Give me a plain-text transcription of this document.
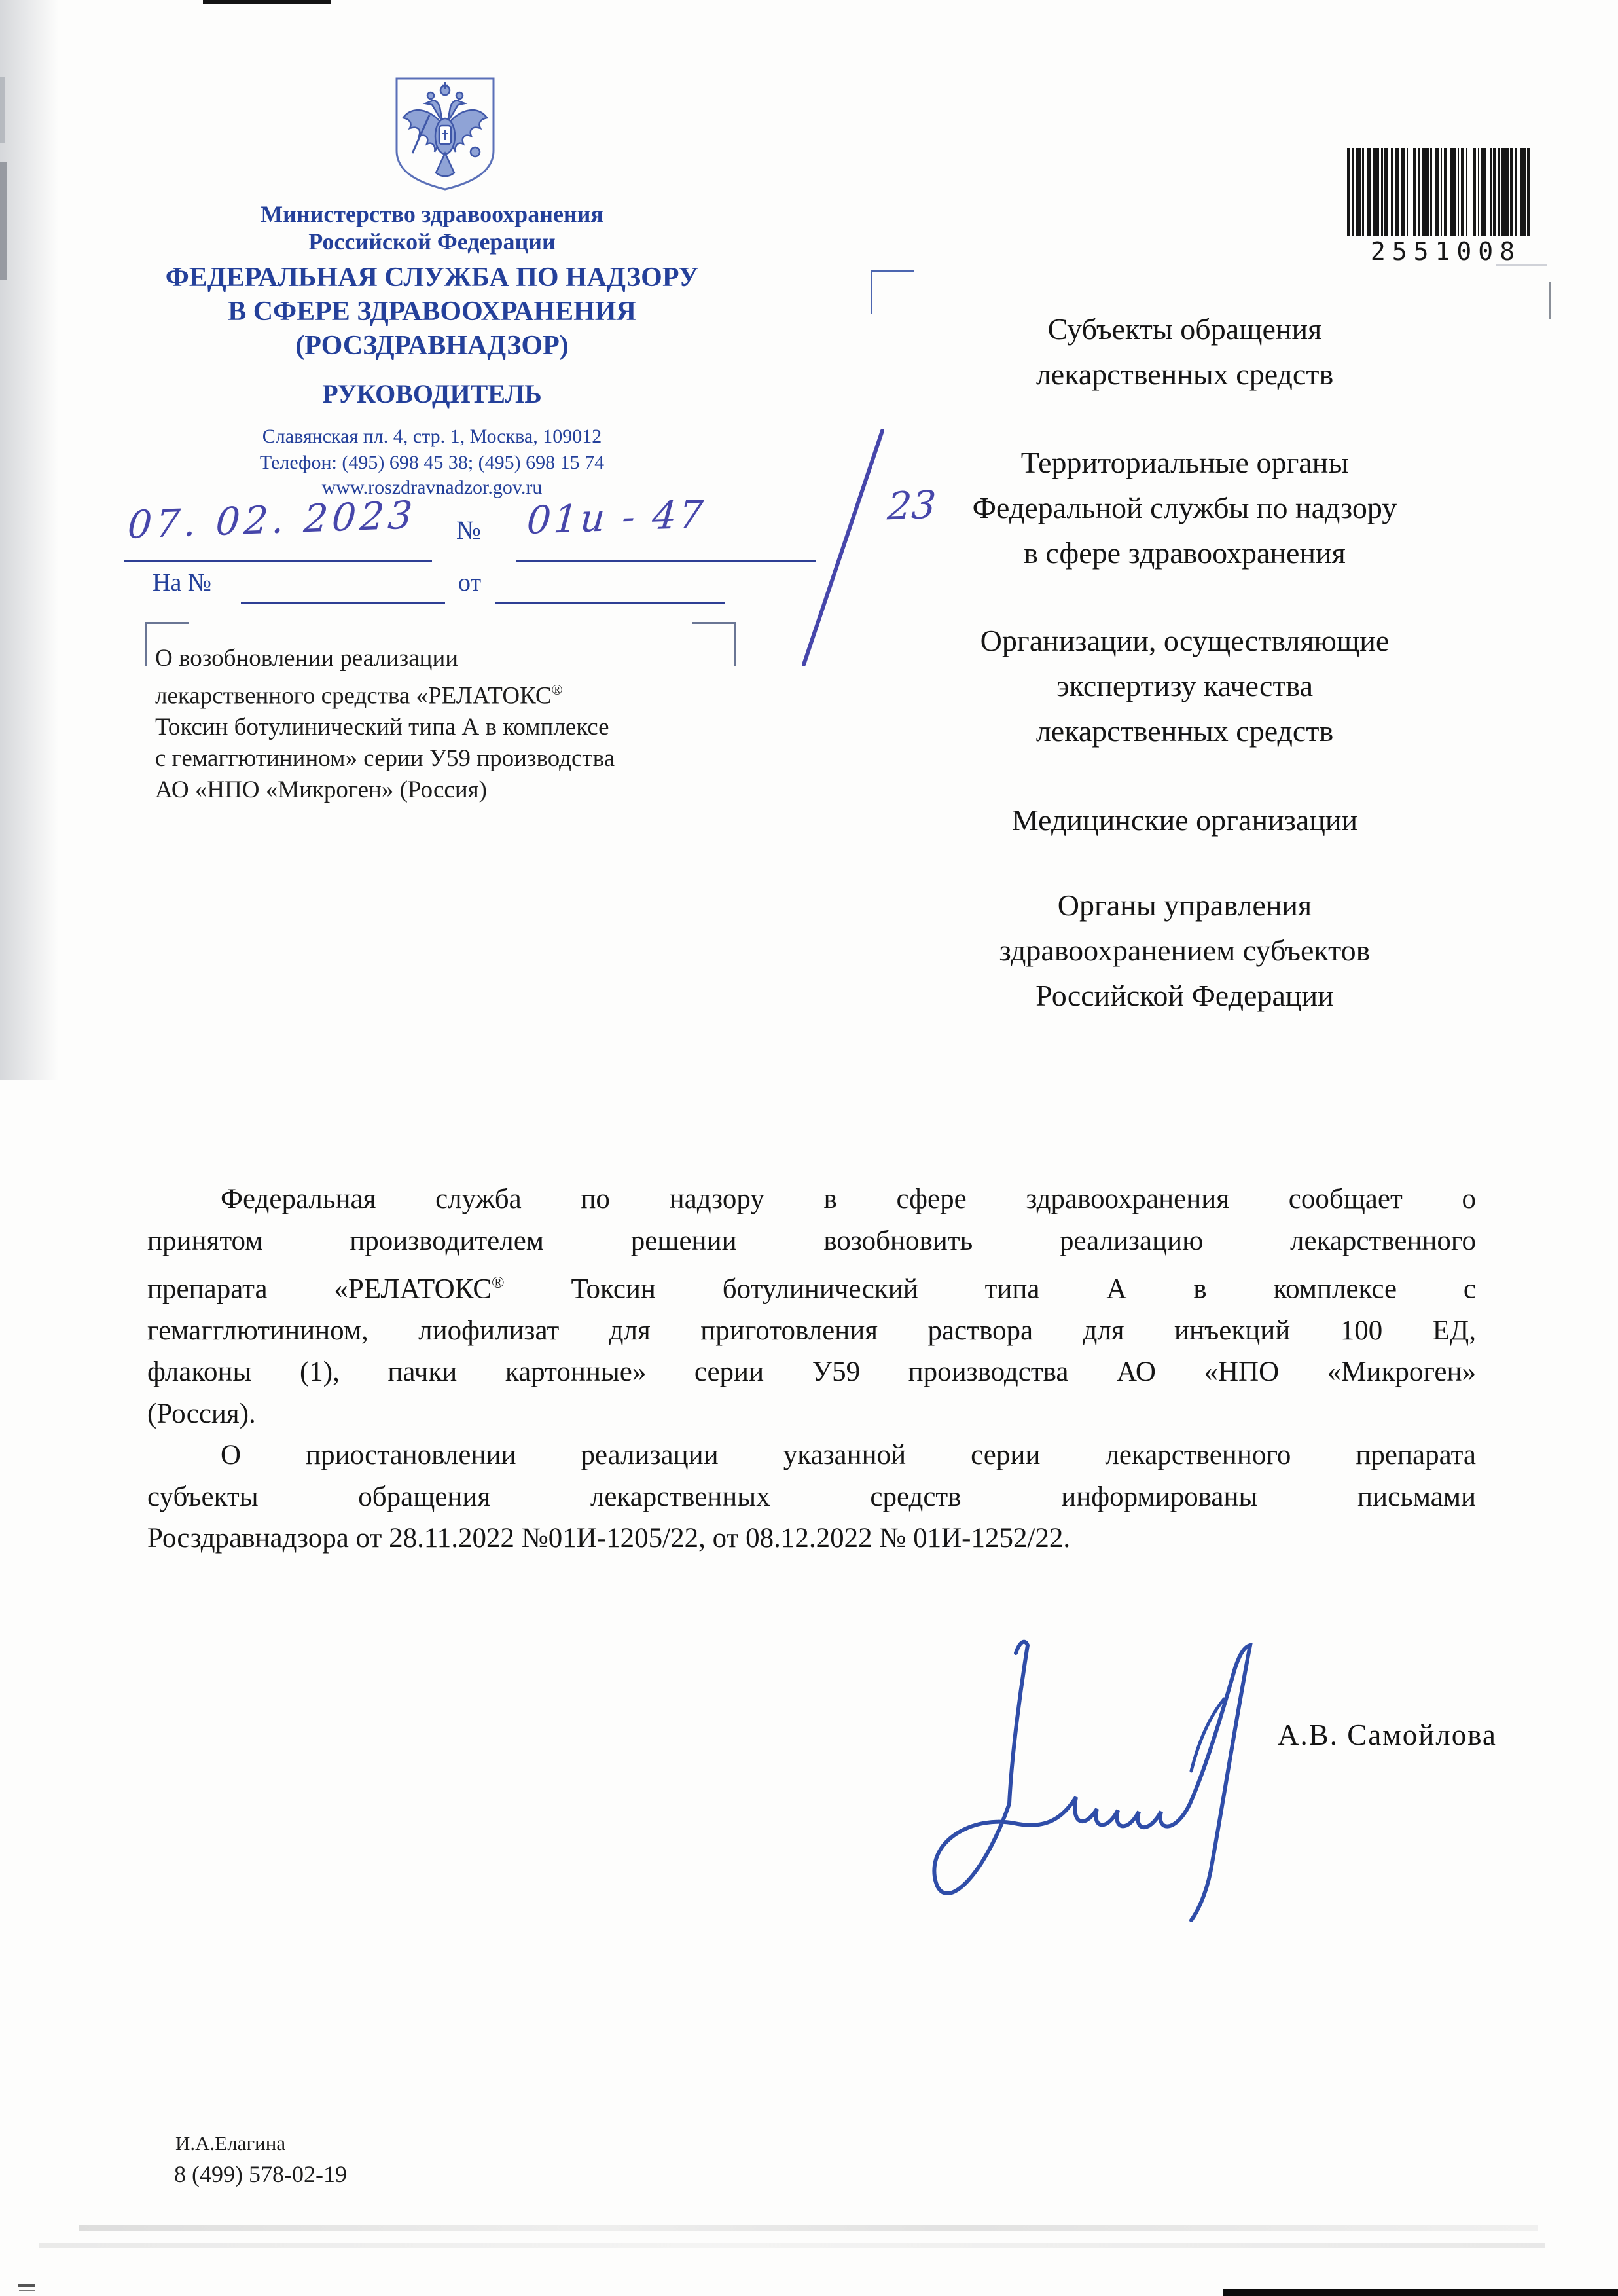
Министерство здравоохранения
Российской Федерации
ФЕДЕРАЛЬНАЯ СЛУЖБА ПО НАДЗОРУ
В СФЕРЕ ЗДРАВООХРАНЕНИЯ
(РОСЗДРАВНАДЗОР)
РУКОВОДИТЕЛЬ
Славянская пл. 4, стр. 1, Москва, 109012
Телефон: (495) 698 45 38; (495) 698 15 74
www.roszdravnadzor.gov.ru
07. 02. 2023 № 01и - 47	23
На №	от
О возобновлении реализации
лекарственного средства «РЕЛАТОКС®
Токсин ботулинический типа А в комплексе
с гемаггютинином» серии У59 производства
АО «НПО «Микроген» (Россия)
2551008
Субъекты обращения
лекарственных средств
Территориальные органы
Федеральной службы по надзору
в сфере здравоохранения
Организации, осуществляющие
экспертизу качества
лекарственных средств
Медицинские организации
Органы управления
здравоохранением субъектов
Российской Федерации
Федеральная служба по надзору в сфере здравоохранения сообщает о
принятом производителем решении возобновить реализацию лекарственного
препарата «РЕЛАТОКС® Токсин ботулинический типа А в комплексе с
гемагглютинином, лиофилизат для приготовления раствора для инъекций 100 ЕД,
флаконы (1), пачки картонные» серии У59 производства АО «НПО «Микроген»
(Россия).
О приостановлении реализации указанной серии лекарственного препарата
субъекты обращения лекарственных средств информированы письмами
Росздравнадзора от 28.11.2022 №01И-1205/22, от 08.12.2022 № 01И-1252/22.
А.В. Самойлова
И.А.Елагина
8 (499) 578-02-19
